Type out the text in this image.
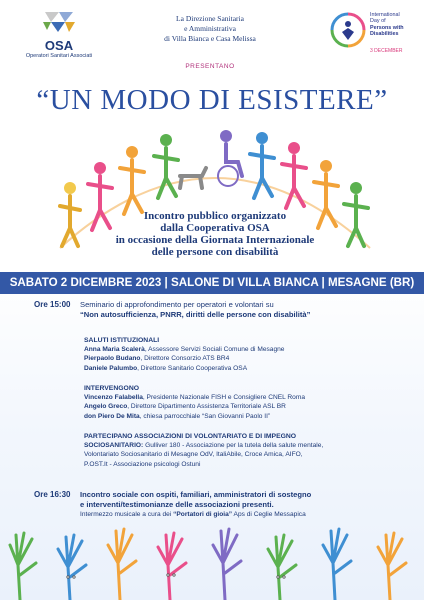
OSA
Operatori Sanitari Associati
La Direzione Sanitaria
e Amministrativa
di Villa Bianca e Casa Melissa
PRESENTANO
International
Day of
Persons with
Disabilities
3 DECEMBER
“UN MODO DI ESISTERE”
Incontro pubblico organizzato
dalla Cooperativa OSA
in occasione della Giornata Internazionale
delle persone con disabilità
SABATO 2 DICEMBRE 2023 | SALONE DI VILLA BIANCA | MESAGNE (BR)
Ore 15:00 Seminario di approfondimento per operatori e volontari su
“Non autosufficienza, PNRR, diritti delle persone con disabilità”
SALUTI ISTITUZIONALI
Anna Maria Scalerà, Assessore Servizi Sociali Comune di Mesagne
Pierpaolo Budano, Direttore Consorzio ATS BR4
Daniele Palumbo, Direttore Sanitario Cooperativa OSA
INTERVENGONO
Vincenzo Falabella, Presidente Nazionale FISH e Consigliere CNEL Roma
Angelo Greco, Direttore Dipartimento Assistenza Territoriale ASL BR
don Piero De Mita, chiesa parrocchiale “San Giovanni Paolo II”
PARTECIPANO ASSOCIAZIONI DI VOLONTARIATO E DI IMPEGNO
SOCIOSANITARIO: Gulliver 180 - Associazione per la tutela della salute mentale,
Volontariato Sociosanitario di Mesagne OdV, ItaliAbile, Croce Amica, AIFO,
P.OST.It - Associazione psicologi Ostuni
Ore 16:30 Incontro sociale con ospiti, familiari, amministratori di sostegno
e interventi/testimonianze delle associazioni presenti.
Intermezzo musicale a cura dei “Portatori di gioia” Aps di Ceglie Messapica
